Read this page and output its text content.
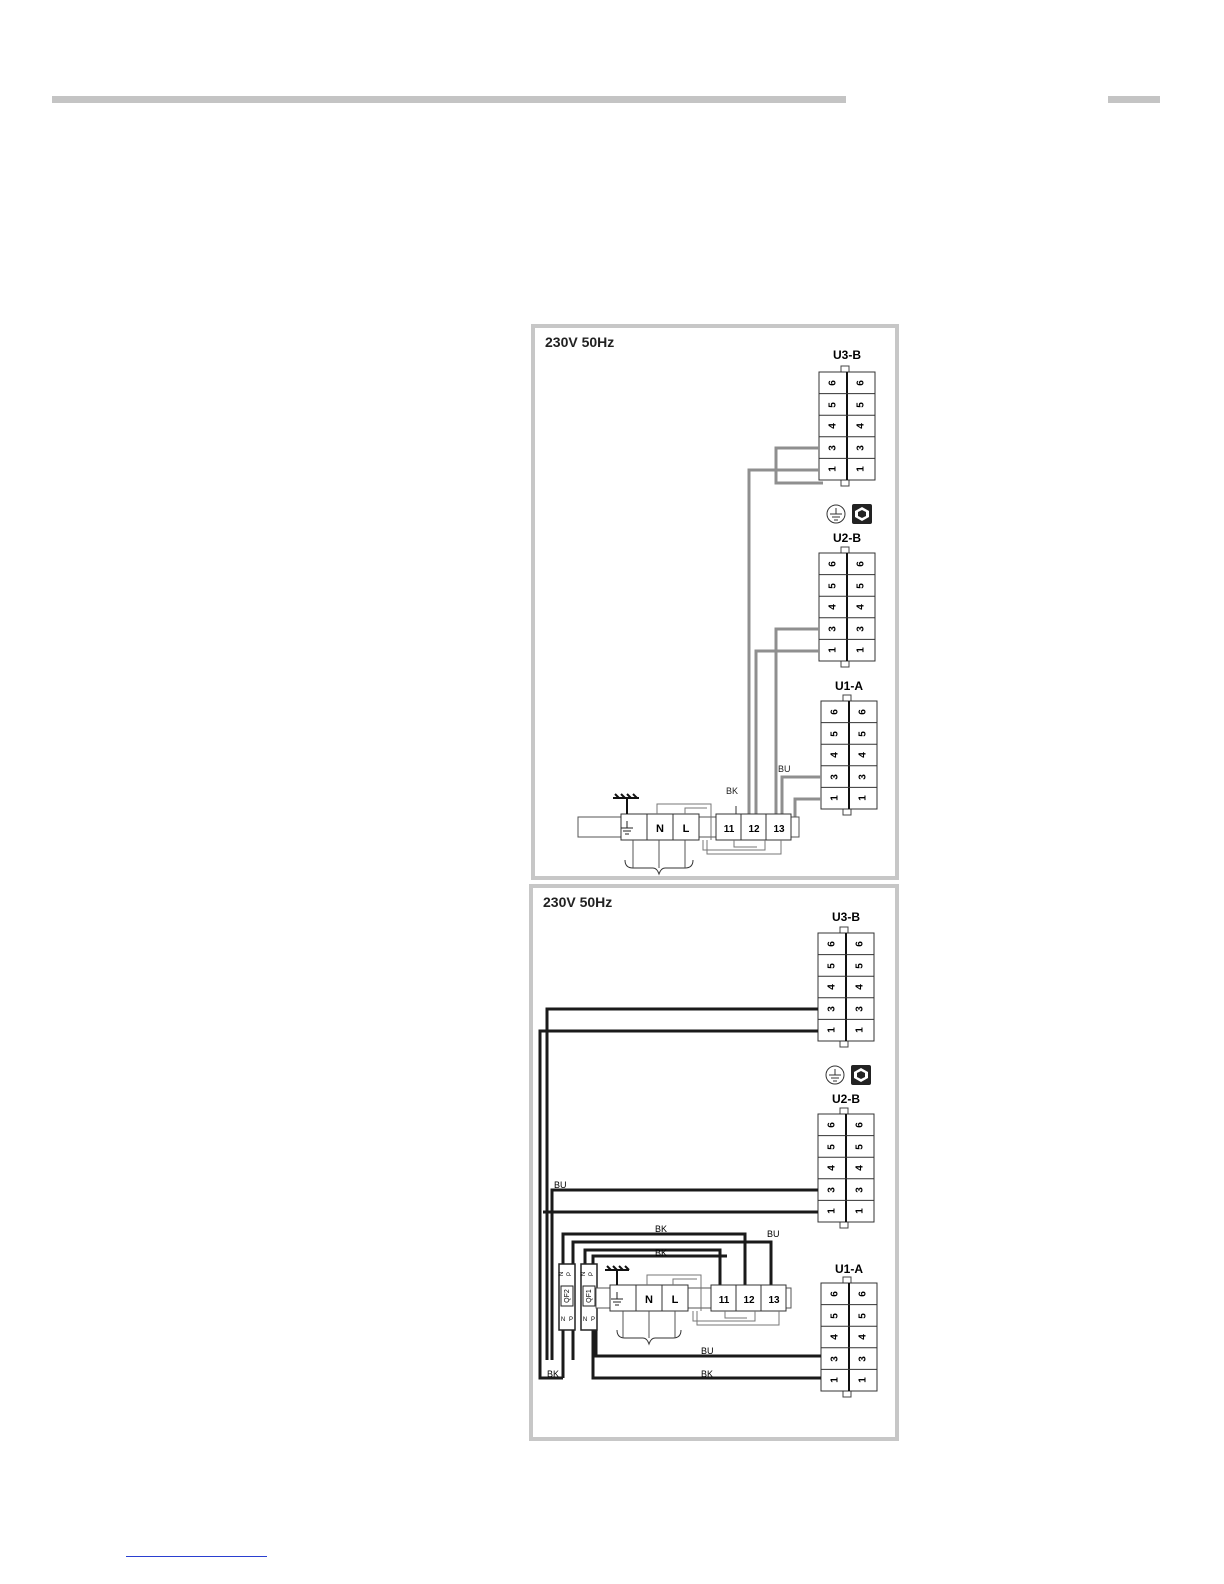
230V 50Hz
U3-B
6 6
5 5
4 4
3 3
1 1
U2-B
6 6
5 5
4 4
3 3
1 1
U1-A
6 6
5 5
4 4
3 3
1 1
BU
BK
N L	11 12 13
230V 50Hz
U3-B
6 6
5 5
4 4
3 3
1 1
U2-B
6 6
5 5
4 4
3 3
1 1
U1-A
6 6
5 5
4 4
3 3
1 1
QF2
N P
N P
QF1
N P
N P
BU
BK
BK
BU
BU
BK
BK
N L	11 12 13
